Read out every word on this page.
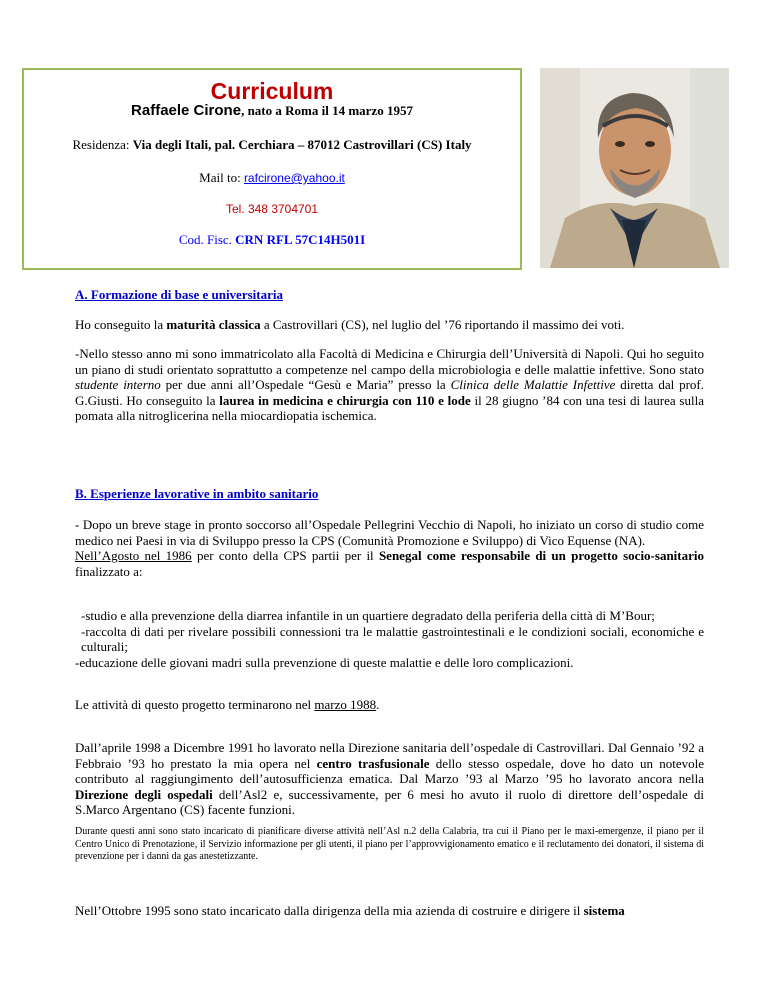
Curriculum
Raffaele Cirone, nato a Roma il 14 marzo 1957
Residenza: Via degli Itali, pal. Cerchiara – 87012 Castrovillari (CS) Italy
Mail to: rafcirone@yahoo.it
Tel. 348 3704701
Cod. Fisc. CRN RFL 57C14H501I
A. Formazione di base e universitaria
Ho conseguito la maturità classica a Castrovillari (CS), nel luglio del ’76 riportando il massimo dei voti.
-Nello stesso anno mi sono immatricolato alla Facoltà di Medicina e Chirurgia dell’Università di Napoli. Qui ho seguito un piano di studi orientato soprattutto a competenze nel campo della microbiologia e delle malattie infettive. Sono stato studente interno per due anni all’Ospedale “Gesù e Maria” presso la Clinica delle Malattie Infettive diretta dal prof. G.Giusti. Ho conseguito la laurea in medicina e chirurgia con 110 e lode il 28 giugno ’84 con una tesi di laurea sulla pomata alla nitroglicerina nella miocardiopatia ischemica.
B. Esperienze lavorative in ambito sanitario
- Dopo un breve stage in pronto soccorso all’Ospedale Pellegrini Vecchio di Napoli, ho iniziato un corso di studio come medico nei Paesi in via di Sviluppo presso la CPS (Comunità Promozione e Sviluppo) di Vico Equense (NA).
Nell’Agosto nel 1986 per conto della CPS partii per il Senegal come responsabile di un progetto socio-sanitario finalizzato a:
-studio e alla prevenzione della diarrea infantile in un quartiere degradato della periferia della città di M’Bour;
-raccolta di dati per rivelare possibili connessioni tra le malattie gastrointestinali e le condizioni sociali, economiche e culturali;
-educazione delle giovani madri sulla prevenzione di queste malattie e delle loro complicazioni.
Le attività di questo progetto terminarono nel marzo 1988.
Dall’aprile 1998 a Dicembre 1991 ho lavorato nella Direzione sanitaria dell’ospedale di Castrovillari. Dal Gennaio ’92 a Febbraio ’93 ho prestato la mia opera nel centro trasfusionale dello stesso ospedale, dove ho dato un notevole contributo al raggiungimento dell’autosufficienza ematica. Dal Marzo ’93 al Marzo ’95 ho lavorato ancora nella Direzione degli ospedali dell’Asl2 e, successivamente, per 6 mesi ho avuto il ruolo di direttore dell’ospedale di S.Marco Argentano (CS) facente funzioni.
Durante questi anni sono stato incaricato di pianificare diverse attività nell’Asl n.2 della Calabria, tra cui il Piano per le maxi-emergenze, il piano per il Centro Unico di Prenotazione, il Servizio informazione per gli utenti, il piano per l’approvvigionamento ematico e il reclutamento dei donatori, il sistema di prevenzione per i danni da gas anestetizzante.
Nell’Ottobre 1995 sono stato incaricato dalla dirigenza della mia azienda di costruire e dirigere il sistema
